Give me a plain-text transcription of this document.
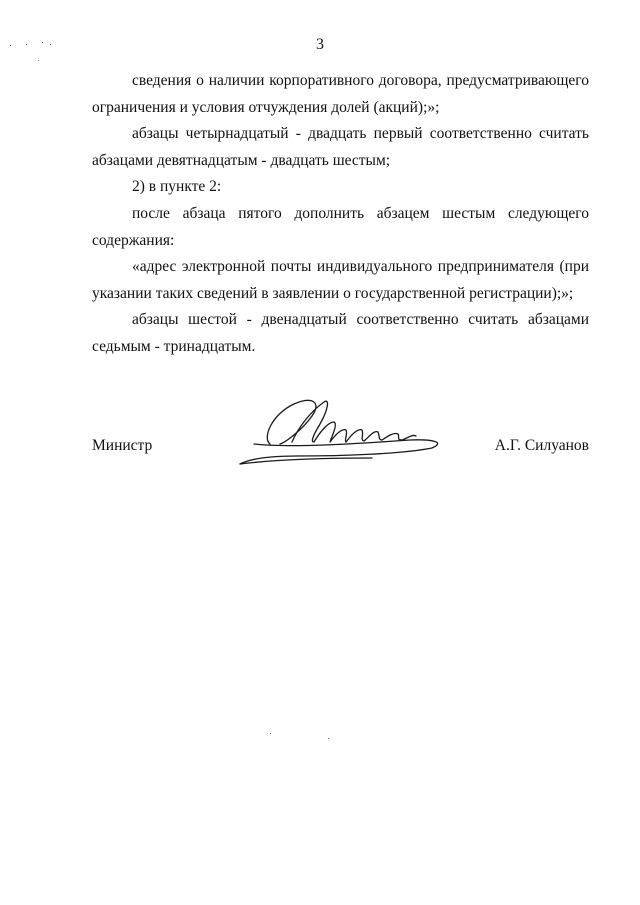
3

сведения о наличии корпоративного договора, предусматривающего ограничения и условия отчуждения долей (акций);»;

абзацы четырнадцатый - двадцать первый соответственно считать абзацами девятнадцатым - двадцать шестым;

2) в пункте 2:

после абзаца пятого дополнить абзацем шестым следующего содержания:

«адрес электронной почты индивидуального предпринимателя (при указании таких сведений в заявлении о государственной регистрации);»;

абзацы шестой - двенадцатый соответственно считать абзацами седьмым - тринадцатым.

Министр	А.Г. Силуанов
